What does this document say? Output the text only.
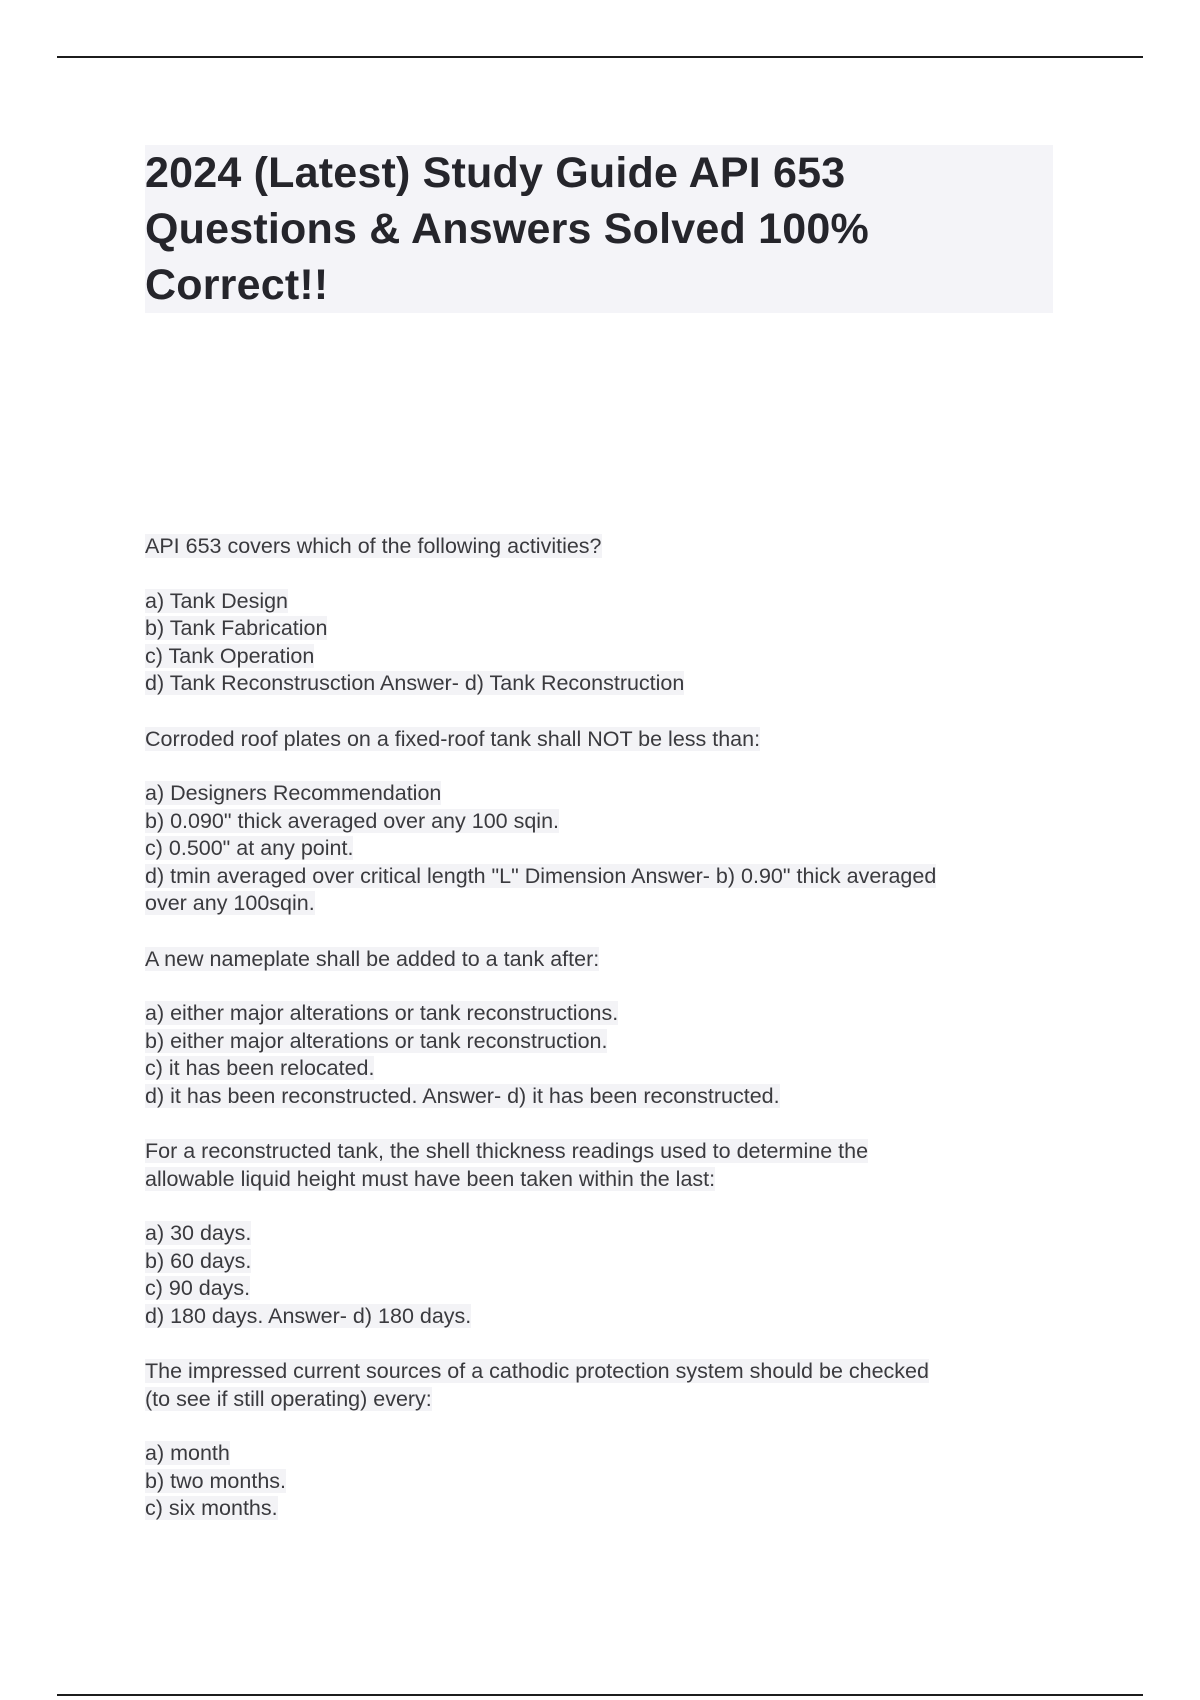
2024 (Latest) Study Guide API 653
Questions & Answers Solved 100%
Correct!!
API 653 covers which of the following activities?
a) Tank Design
b) Tank Fabrication
c) Tank Operation
d) Tank Reconstrusction Answer- d) Tank Reconstruction
Corroded roof plates on a fixed-roof tank shall NOT be less than:
a) Designers Recommendation
b) 0.090" thick averaged over any 100 sqin.
c) 0.500" at any point.
d) tmin averaged over critical length "L" Dimension Answer- b) 0.90" thick averaged
over any 100sqin.
A new nameplate shall be added to a tank after:
a) either major alterations or tank reconstructions.
b) either major alterations or tank reconstruction.
c) it has been relocated.
d) it has been reconstructed. Answer- d) it has been reconstructed.
For a reconstructed tank, the shell thickness readings used to determine the
allowable liquid height must have been taken within the last:
a) 30 days.
b) 60 days.
c) 90 days.
d) 180 days. Answer- d) 180 days.
The impressed current sources of a cathodic protection system should be checked
(to see if still operating) every:
a) month
b) two months.
c) six months.
